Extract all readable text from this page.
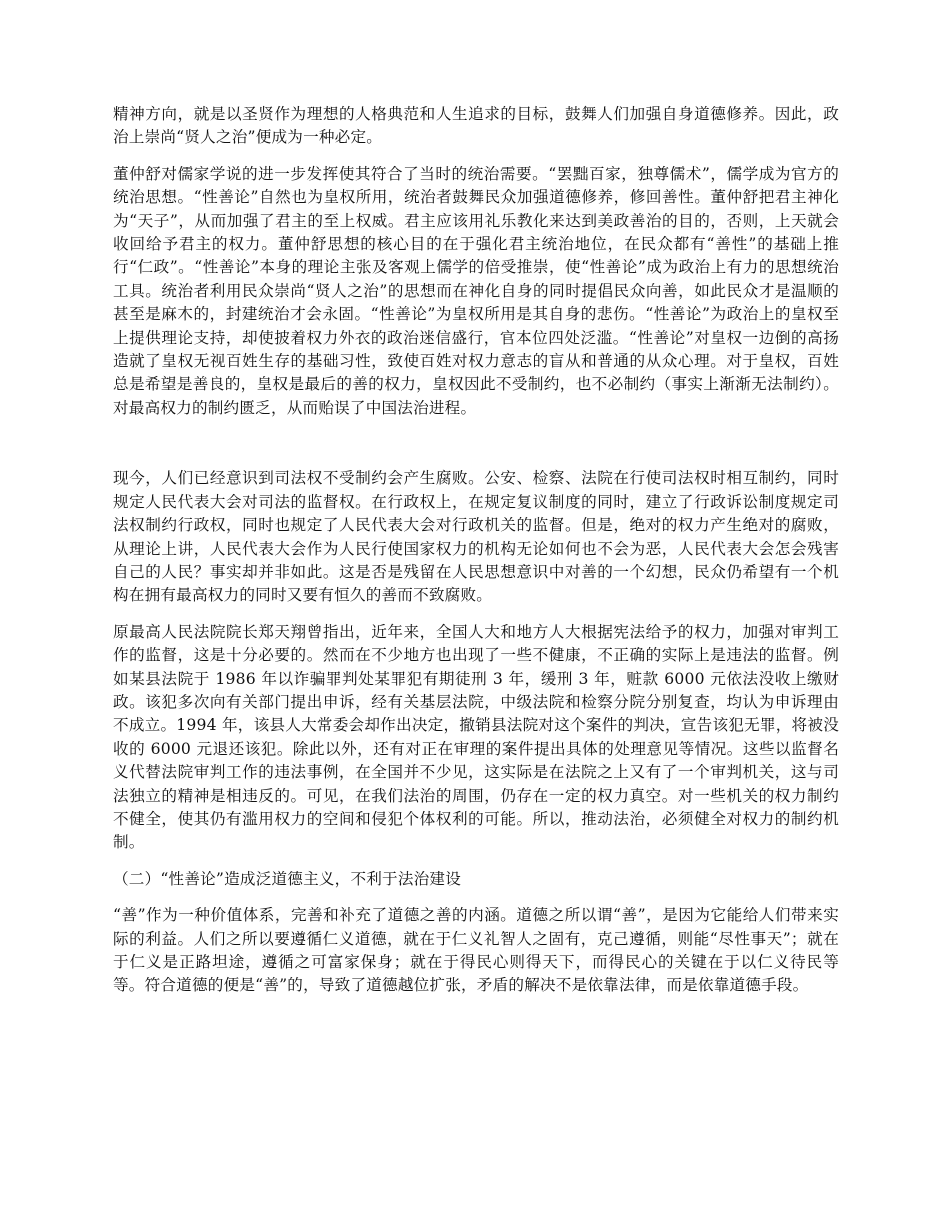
精神方向，就是以圣贤作为理想的人格典范和人生追求的目标，鼓舞人们加强自身道德修养。因此，政治上崇尚“贤人之治”便成为一种必定。

董仲舒对儒家学说的进一步发挥使其符合了当时的统治需要。“罢黜百家，独尊儒术”，儒学成为官方的统治思想。“性善论”自然也为皇权所用，统治者鼓舞民众加强道德修养，修回善性。董仲舒把君主神化为“天子”，从而加强了君主的至上权威。君主应该用礼乐教化来达到美政善治的目的，否则，上天就会收回给予君主的权力。董仲舒思想的核心目的在于强化君主统治地位，在民众都有“善性”的基础上推行“仁政”。“性善论”本身的理论主张及客观上儒学的倍受推崇，使“性善论”成为政治上有力的思想统治工具。统治者利用民众崇尚“贤人之治”的思想而在神化自身的同时提倡民众向善，如此民众才是温顺的甚至是麻木的，封建统治才会永固。“性善论”为皇权所用是其自身的悲伤。“性善论”为政治上的皇权至上提供理论支持，却使披着权力外衣的政治迷信盛行，官本位四处泛滥。“性善论”对皇权一边倒的高扬造就了皇权无视百姓生存的基础习性，致使百姓对权力意志的盲从和普通的从众心理。对于皇权，百姓总是希望是善良的，皇权是最后的善的权力，皇权因此不受制约，也不必制约（事实上渐渐无法制约）。对最高权力的制约匮乏，从而贻误了中国法治进程。

现今，人们已经意识到司法权不受制约会产生腐败。公安、检察、法院在行使司法权时相互制约，同时规定人民代表大会对司法的监督权。在行政权上，在规定复议制度的同时，建立了行政诉讼制度规定司法权制约行政权，同时也规定了人民代表大会对行政机关的监督。但是，绝对的权力产生绝对的腐败，从理论上讲，人民代表大会作为人民行使国家权力的机构无论如何也不会为恶，人民代表大会怎会残害自己的人民？事实却并非如此。这是否是残留在人民思想意识中对善的一个幻想，民众仍希望有一个机构在拥有最高权力的同时又要有恒久的善而不致腐败。

原最高人民法院院长郑天翔曾指出，近年来，全国人大和地方人大根据宪法给予的权力，加强对审判工作的监督，这是十分必要的。然而在不少地方也出现了一些不健康，不正确的实际上是违法的监督。例如某县法院于 1986 年以诈骗罪判处某罪犯有期徒刑 3 年，缓刑 3 年，赃款 6000 元依法没收上缴财政。该犯多次向有关部门提出申诉，经有关基层法院，中级法院和检察分院分别复查，均认为申诉理由不成立。1994 年，该县人大常委会却作出决定，撤销县法院对这个案件的判决，宣告该犯无罪，将被没收的 6000 元退还该犯。除此以外，还有对正在审理的案件提出具体的处理意见等情况。这些以监督名义代替法院审判工作的违法事例，在全国并不少见，这实际是在法院之上又有了一个审判机关，这与司法独立的精神是相违反的。可见，在我们法治的周围，仍存在一定的权力真空。对一些机关的权力制约不健全，使其仍有滥用权力的空间和侵犯个体权利的可能。所以，推动法治，必须健全对权力的制约机制。

（二）“性善论”造成泛道德主义，不利于法治建设

“善”作为一种价值体系，完善和补充了道德之善的内涵。道德之所以谓“善”，是因为它能给人们带来实际的利益。人们之所以要遵循仁义道德，就在于仁义礼智人之固有，克己遵循，则能“尽性事天”；就在于仁义是正路坦途，遵循之可富家保身；就在于得民心则得天下，而得民心的关键在于以仁义待民等等。符合道德的便是“善”的，导致了道德越位扩张，矛盾的解决不是依靠法律，而是依靠道德手段。
